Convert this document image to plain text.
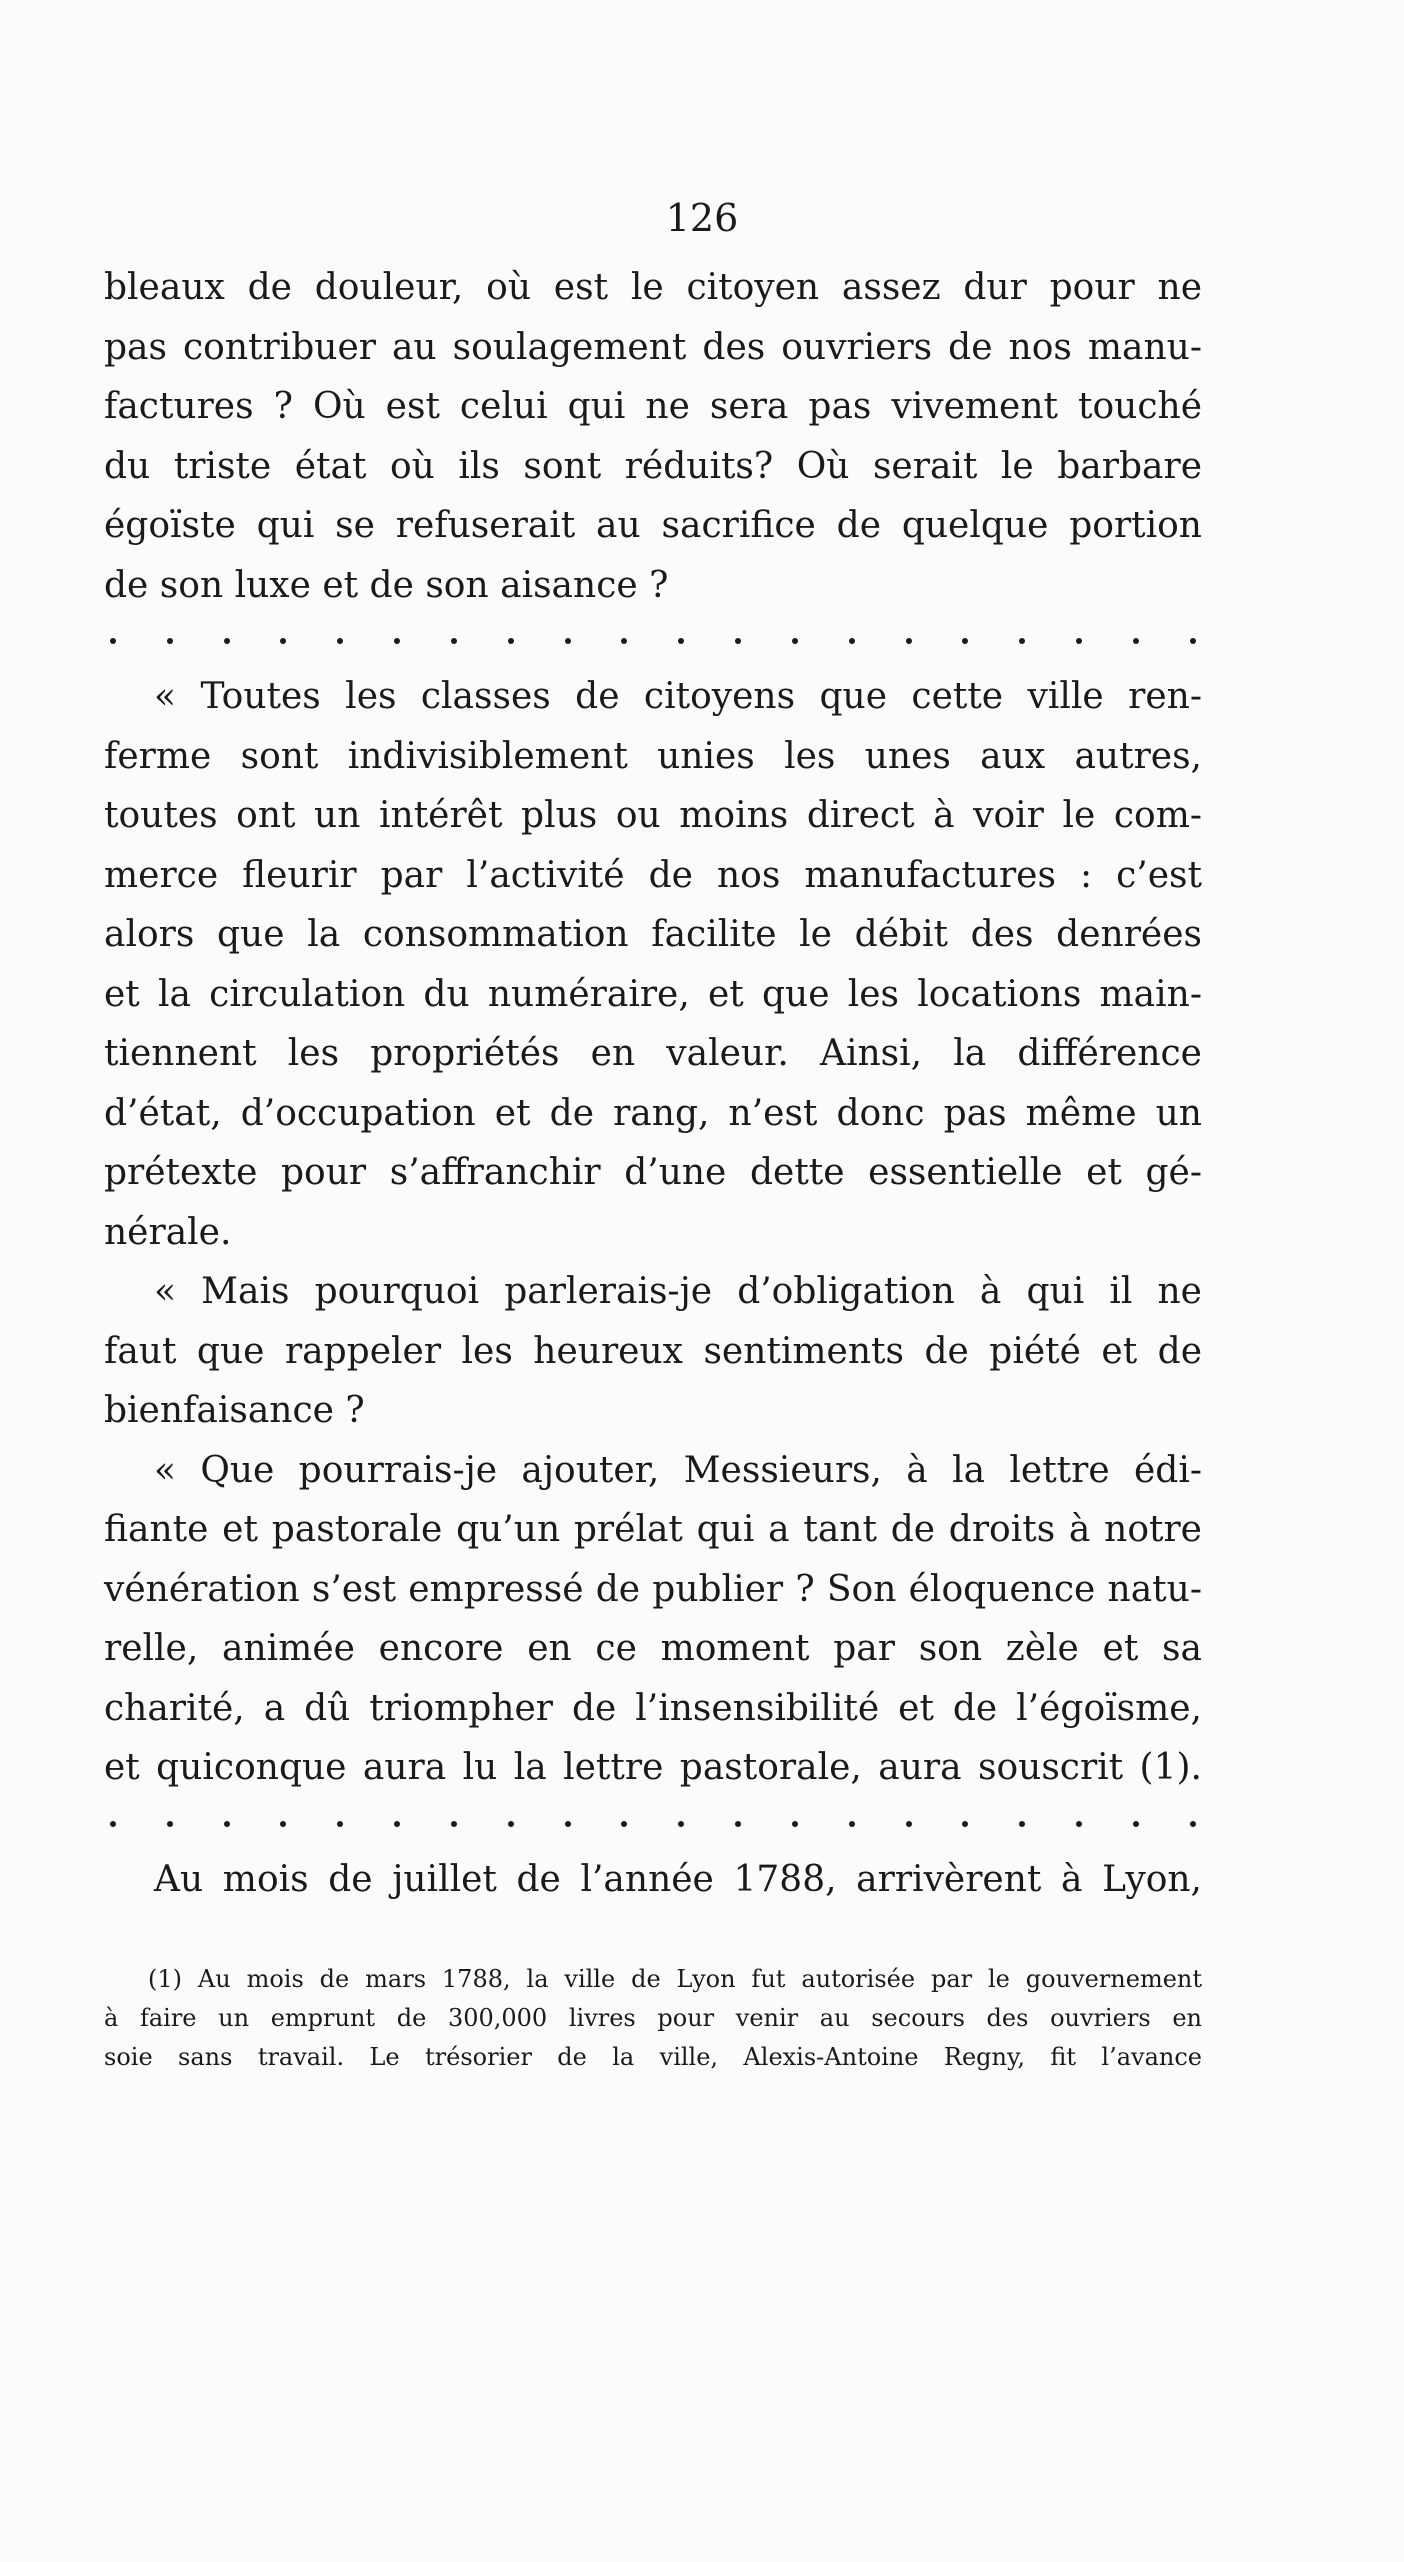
126
bleaux de douleur, où est le citoyen assez dur pour ne
pas contribuer au soulagement des ouvriers de nos manu-
factures ? Où est celui qui ne sera pas vivement touché
du triste état où ils sont réduits? Où serait le barbare
égoïste qui se refuserait au sacrifice de quelque portion
de son luxe et de son aisance ?
« Toutes les classes de citoyens que cette ville ren-
ferme sont indivisiblement unies les unes aux autres,
toutes ont un intérêt plus ou moins direct à voir le com-
merce fleurir par l’activité de nos manufactures : c’est
alors que la consommation facilite le débit des denrées
et la circulation du numéraire, et que les locations main-
tiennent les propriétés en valeur. Ainsi, la différence
d’état, d’occupation et de rang, n’est donc pas même un
prétexte pour s’affranchir d’une dette essentielle et gé-
nérale.
« Mais pourquoi parlerais-je d’obligation à qui il ne
faut que rappeler les heureux sentiments de piété et de
bienfaisance ?
« Que pourrais-je ajouter, Messieurs, à la lettre édi-
fiante et pastorale qu’un prélat qui a tant de droits à notre
vénération s’est empressé de publier ? Son éloquence natu-
relle, animée encore en ce moment par son zèle et sa
charité, a dû triompher de l’insensibilité et de l’égoïsme,
et quiconque aura lu la lettre pastorale, aura souscrit (1).
Au mois de juillet de l’année 1788, arrivèrent à Lyon,
(1) Au mois de mars 1788, la ville de Lyon fut autorisée par le gouvernement
à faire un emprunt de 300,000 livres pour venir au secours des ouvriers en
soie sans travail. Le trésorier de la ville, Alexis-Antoine Regny, fit l’avance
